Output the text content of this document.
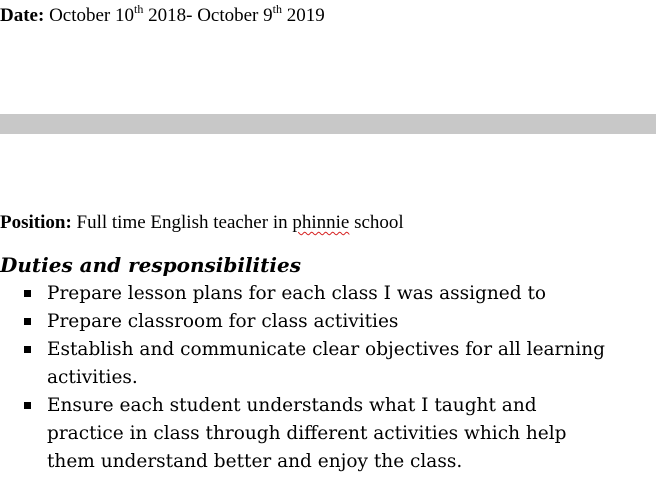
Date: October 10th 2018- October 9th 2019
Position: Full time English teacher in phinnie school
Duties and responsibilities
Prepare lesson plans for each class I was assigned to
Prepare classroom for class activities
Establish and communicate clear objectives for all learning
activities.
Ensure each student understands what I taught and
practice in class through different activities which help
them understand better and enjoy the class.
